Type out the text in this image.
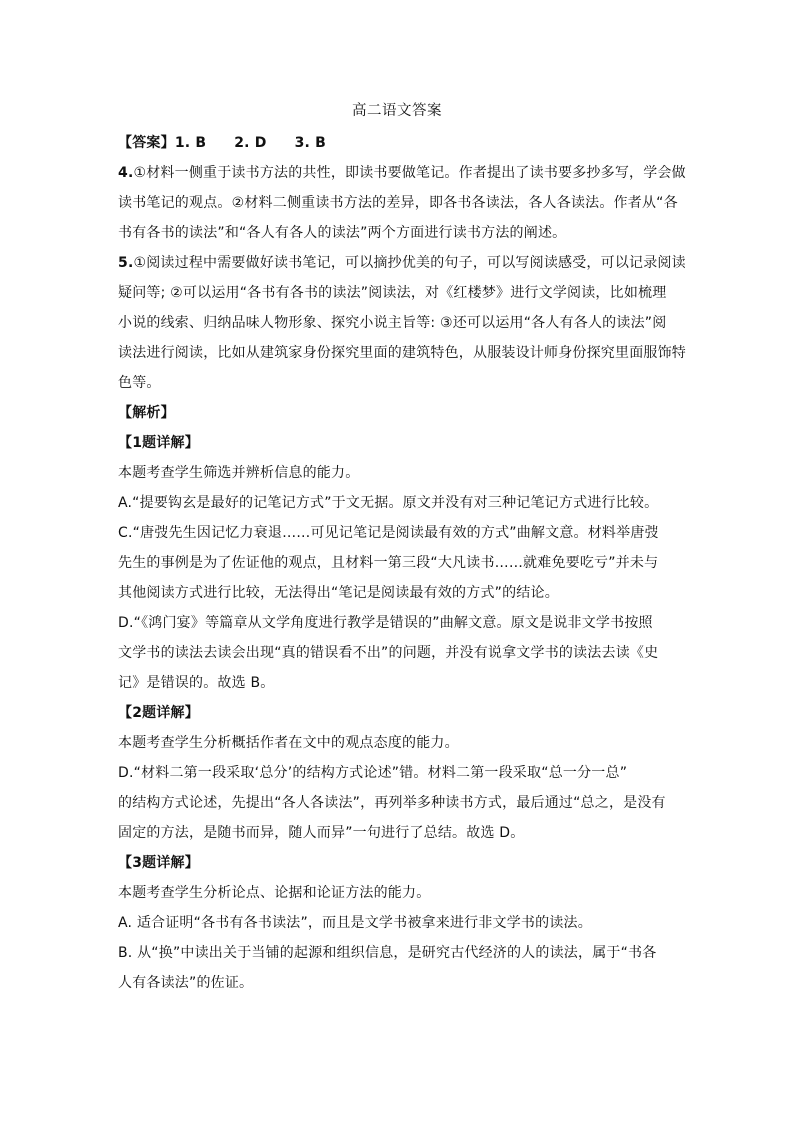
高二语文答案

【答案】1. B 2. D 3. B

4.①材料一侧重于读书方法的共性，即读书要做笔记。作者提出了读书要多抄多写，学会做

读书笔记的观点。②材料二侧重读书方法的差异，即各书各读法，各人各读法。作者从“各

书有各书的读法”和“各人有各人的读法”两个方面进行读书方法的阐述。

5.①阅读过程中需要做好读书笔记，可以摘抄优美的句子，可以写阅读感受，可以记录阅读

疑问等; ②可以运用“各书有各书的读法”阅读法，对《红楼梦》进行文学阅读，比如梳理

小说的线索、归纳品味人物形象、探究小说主旨等: ③还可以运用“各人有各人的读法”阅

读法进行阅读，比如从建筑家身份探究里面的建筑特色，从服装设计师身份探究里面服饰特

色等。

【解析】

【1题详解】

本题考查学生筛选并辨析信息的能力。

A.“提要钩玄是最好的记笔记方式”于文无据。原文并没有对三种记笔记方式进行比较。

C.“唐弢先生因记忆力衰退……可见记笔记是阅读最有效的方式”曲解文意。材料举唐弢

先生的事例是为了佐证他的观点，且材料一第三段“大凡读书……就难免要吃亏”并未与

其他阅读方式进行比较，无法得出“笔记是阅读最有效的方式”的结论。

D.“《鸿门宴》等篇章从文学角度进行教学是错误的”曲解文意。原文是说非文学书按照

文学书的读法去读会出现“真的错误看不出”的问题，并没有说拿文学书的读法去读《史

记》是错误的。故选 B。

【2题详解】

本题考查学生分析概括作者在文中的观点态度的能力。

D.“材料二第一段采取‘总分’的结构方式论述”错。材料二第一段采取“总一分一总”

的结构方式论述，先提出“各人各读法”，再列举多种读书方式，最后通过“总之，是没有

固定的方法，是随书而异，随人而异”一句进行了总结。故选 D。

【3题详解】

本题考查学生分析论点、论据和论证方法的能力。

A. 适合证明“各书有各书读法”，而且是文学书被拿来进行非文学书的读法。

B. 从“换”中读出关于当铺的起源和组织信息，是研究古代经济的人的读法，属于“书各

人有各读法”的佐证。
